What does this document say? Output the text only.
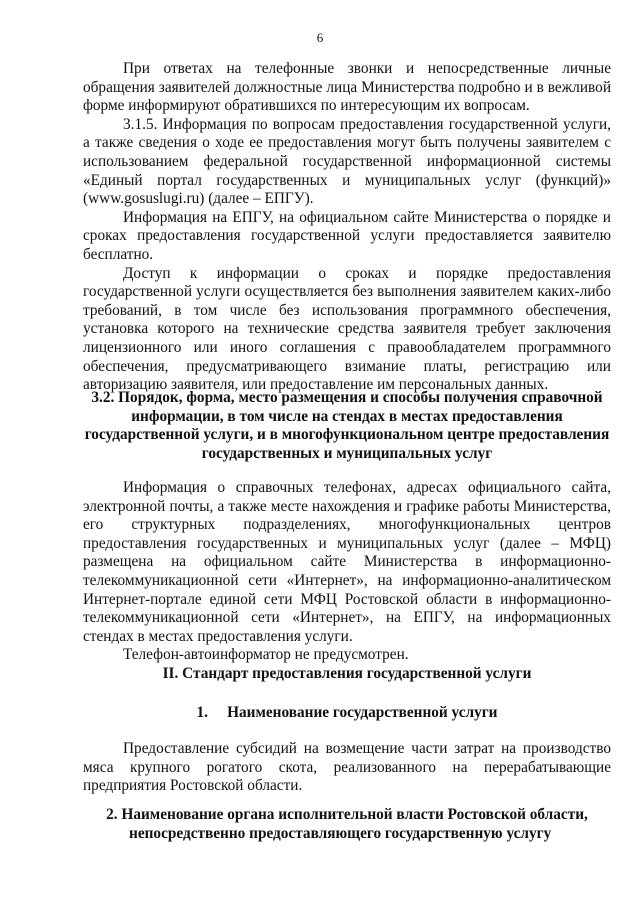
6

При ответах на телефонные звонки и непосредственные личные обращения заявителей должностные лица Министерства подробно и в вежливой форме информируют обратившихся по интересующим их вопросам.

3.1.5. Информация по вопросам предоставления государственной услуги, а также сведения о ходе ее предоставления могут быть получены заявителем с использованием федеральной государственной информационной системы «Единый портал государственных и муниципальных услуг (функций)» (www.gosuslugi.ru) (далее – ЕПГУ).

Информация на ЕПГУ, на официальном сайте Министерства о порядке и сроках предоставления государственной услуги предоставляется заявителю бесплатно.

Доступ к информации о сроках и порядке предоставления государственной услуги осуществляется без выполнения заявителем каких-либо требований, в том числе без использования программного обеспечения, установка которого на технические средства заявителя требует заключения лицензионного или иного соглашения с правообладателем программного обеспечения, предусматривающего взимание платы, регистрацию или авторизацию заявителя, или предоставление им персональных данных.

3.2. Порядок, форма, место размещения и способы получения справочной информации, в том числе на стендах в местах предоставления государственной услуги, и в многофункциональном центре предоставления государственных и муниципальных услуг

Информация о справочных телефонах, адресах официального сайта, электронной почты, а также месте нахождения и графике работы Министерства, его структурных подразделениях, многофункциональных центров предоставления государственных и муниципальных услуг (далее – МФЦ) размещена на официальном сайте Министерства в информационно-телекоммуникационной сети «Интернет», на информационно-аналитическом Интернет-портале единой сети МФЦ Ростовской области в информационно-телекоммуникационной сети «Интернет», на ЕПГУ, на информационных стендах в местах предоставления услуги.

Телефон-автоинформатор не предусмотрен.

II. Стандарт предоставления государственной услуги

1.     Наименование государственной услуги

Предоставление субсидий на возмещение части затрат на производство мяса крупного рогатого скота, реализованного на перерабатывающие предприятия Ростовской области.

2. Наименование органа исполнительной власти Ростовской области,

непосредственно предоставляющего государственную услугу
